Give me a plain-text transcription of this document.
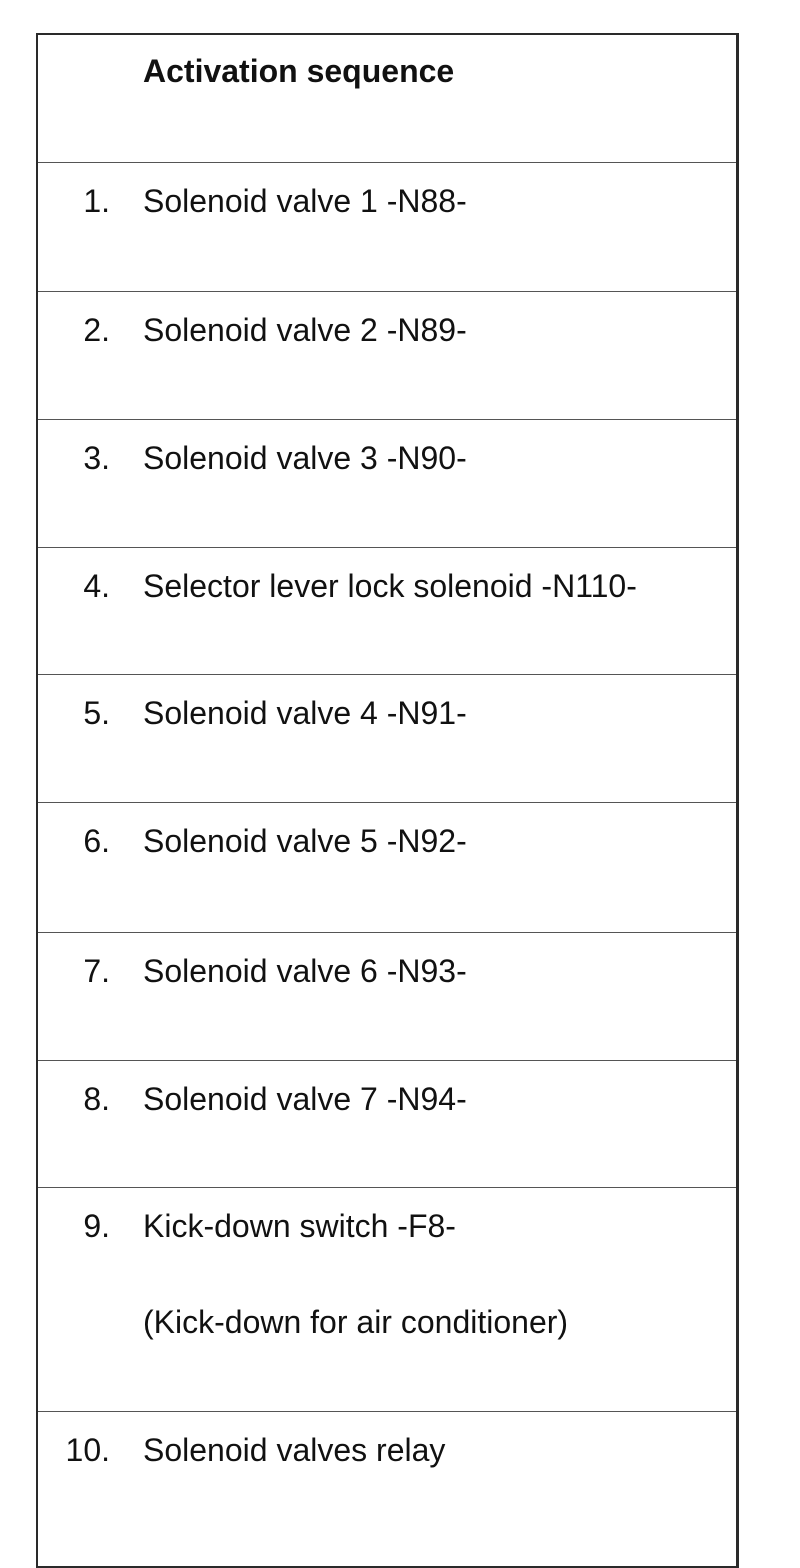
Activation sequence
1. Solenoid valve 1 -N88-
2. Solenoid valve 2 -N89-
3. Solenoid valve 3 -N90-
4. Selector lever lock solenoid -N110-
5. Solenoid valve 4 -N91-
6. Solenoid valve 5 -N92-
7. Solenoid valve 6 -N93-
8. Solenoid valve 7 -N94-
9. Kick-down switch -F8-
(Kick-down for air conditioner)
10. Solenoid valves relay
